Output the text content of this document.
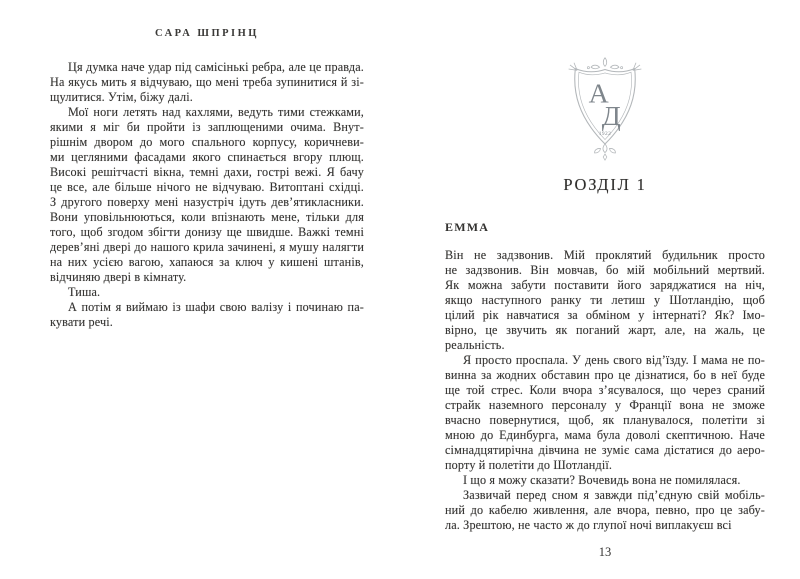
САРА ШПРІНЦ
Ця думка наче удар під самісінькі ребра, але це правда.
На якусь мить я відчуваю, що мені треба зупинитися й зі-
щулитися. Утім, біжу далі.
Мої ноги летять над кахлями, ведуть тими стежками,
якими я міг би пройти із заплющеними очима. Внут-
рішнім двором до мого спального корпусу, коричневи-
ми цегляними фасадами якого спинається вгору плющ.
Високі решітчасті вікна, темні дахи, гострі вежі. Я бачу
це все, але більше нічого не відчуваю. Витоптані східці.
З другого поверху мені назустріч ідуть дев’ятикласники.
Вони уповільнюються, коли впізнають мене, тільки для
того, щоб згодом збігти донизу ще швидше. Важкі темні
дерев’яні двері до нашого крила зачинені, я мушу налягти
на них усією вагою, хапаюся за ключ у кишені штанів,
відчиняю двері в кімнату.
Тиша.
А потім я виймаю із шафи свою валізу і починаю па-
кувати речі.
А
Д
1922
РОЗДІЛ 1
ЕММА
Він не задзвонив. Мій проклятий будильник просто
не задзвонив. Він мовчав, бо мій мобільний мертвий.
Як можна забути поставити його заряджатися на ніч,
якщо наступного ранку ти летиш у Шотландію, щоб
цілий рік навчатися за обміном у інтернаті? Як? Імо-
вірно, це звучить як поганий жарт, але, на жаль, це
реальність.
Я просто проспала. У день свого від’їзду. І мама не по-
винна за жодних обставин про це дізнатися, бо в неї буде
ще той стрес. Коли вчора з’ясувалося, що через сраний
страйк наземного персоналу у Франції вона не зможе
вчасно повернутися, щоб, як планувалося, полетіти зі
мною до Единбурга, мама була доволі скептичною. Наче
сімнадцятирічна дівчина не зуміє сама дістатися до аеро-
порту й полетіти до Шотландії.
І що я можу сказати? Вочевидь вона не помилялася.
Зазвичай перед сном я завжди під’єдную свій мобіль-
ний до кабелю живлення, але вчора, певно, про це забу-
ла. Зрештою, не часто ж до глупої ночі виплакуєш всі
13
